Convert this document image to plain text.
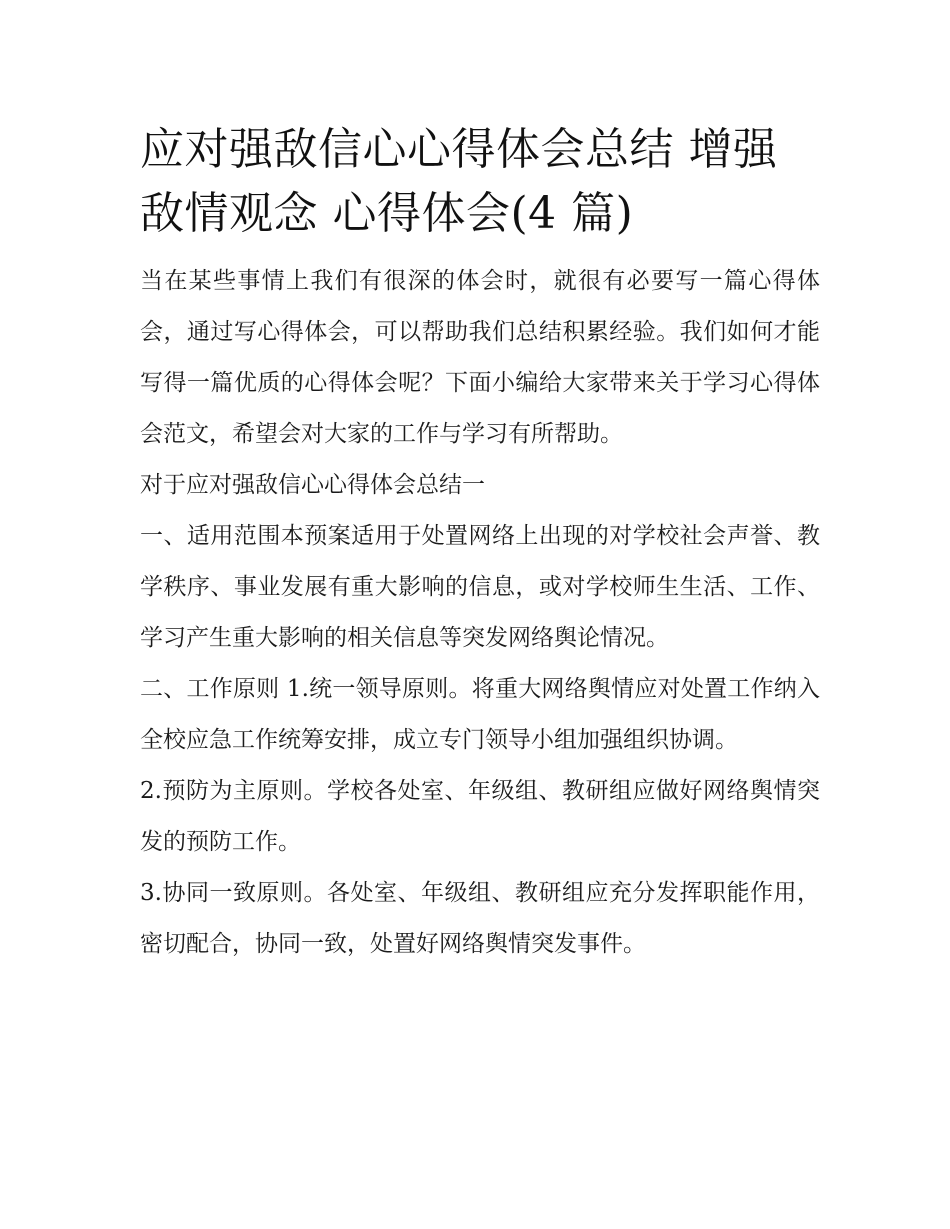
应对强敌信心心得体会总结 增强敌情观念 心得体会(4 篇)

当在某些事情上我们有很深的体会时，就很有必要写一篇心得体会，通过写心得体会，可以帮助我们总结积累经验。我们如何才能写得一篇优质的心得体会呢？下面小编给大家带来关于学习心得体会范文，希望会对大家的工作与学习有所帮助。

对于应对强敌信心心得体会总结一

一、适用范围本预案适用于处置网络上出现的对学校社会声誉、教学秩序、事业发展有重大影响的信息，或对学校师生生活、工作、学习产生重大影响的相关信息等突发网络舆论情况。

二、工作原则 1.统一领导原则。将重大网络舆情应对处置工作纳入全校应急工作统筹安排，成立专门领导小组加强组织协调。

2.预防为主原则。学校各处室、年级组、教研组应做好网络舆情突发的预防工作。

3.协同一致原则。各处室、年级组、教研组应充分发挥职能作用，密切配合，协同一致，处置好网络舆情突发事件。
